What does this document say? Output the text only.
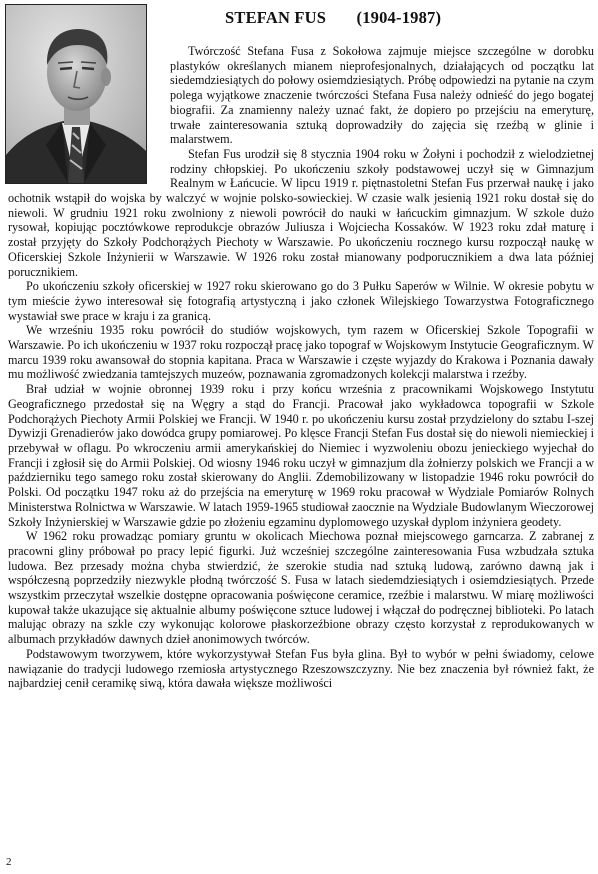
STEFAN FUS (1904-1987)

Twórczość Stefana Fusa z Sokołowa zajmuje miejsce szczególne w dorobku plastyków określanych mianem nieprofesjonalnych, działających od początku lat siedemdziesiątych do połowy osiemdziesiątych. Próbę odpowiedzi na pytanie na czym polega wyjątkowe znaczenie twórczości Stefana Fusa należy odnieść do jego bogatej biografii. Za znamienny należy uznać fakt, że dopiero po przejściu na emeryturę, trwałe zainteresowania sztuką doprowadziły do zajęcia się rzeźbą w glinie i malarstwem.

Stefan Fus urodził się 8 stycznia 1904 roku w Żołyni i pochodził z wielodzietnej rodziny chłopskiej. Po ukończeniu szkoły podstawowej uczył się w Gimnazjum Realnym w Łańcucie. W lipcu 1919 r. piętnastoletni Stefan Fus przerwał naukę i jako ochotnik wstąpił do wojska by walczyć w wojnie polsko-sowieckiej. W czasie walk jesienią 1921 roku dostał się do niewoli. W grudniu 1921 roku zwolniony z niewoli powrócił do nauki w łańcuckim gimnazjum. W szkole dużo rysował, kopiując pocztówkowe reprodukcje obrazów Juliusza i Wojciecha Kossaków. W 1923 roku zdał maturę i został przyjęty do Szkoły Podchorążych Piechoty w Warszawie. Po ukończeniu rocznego kursu rozpoczął naukę w Oficerskiej Szkole Inżynierii w Warszawie. W 1926 roku został mianowany podporucznikiem a dwa lata później porucznikiem.

Po ukończeniu szkoły oficerskiej w 1927 roku skierowano go do 3 Pułku Saperów w Wilnie. W okresie pobytu w tym mieście żywo interesował się fotografią artystyczną i jako członek Wilejskiego Towarzystwa Fotograficznego wystawiał swe prace w kraju i za granicą.

We wrześniu 1935 roku powrócił do studiów wojskowych, tym razem w Oficerskiej Szkole Topografii w Warszawie. Po ich ukończeniu w 1937 roku rozpoczął pracę jako topograf w Wojskowym Instytucie Geograficznym. W marcu 1939 roku awansował do stopnia kapitana. Praca w Warszawie i częste wyjazdy do Krakowa i Poznania dawały mu możliwość zwiedzania tamtejszych muzeów, poznawania zgromadzonych kolekcji malarstwa i rzeźby.

Brał udział w wojnie obronnej 1939 roku i przy końcu września z pracownikami Wojskowego Instytutu Geograficznego przedostał się na Węgry a stąd do Francji. Pracował jako wykładowca topografii w Szkole Podchorążych Piechoty Armii Polskiej we Francji. W 1940 r. po ukończeniu kursu został przydzielony do sztabu I-szej Dywizji Grenadierów jako dowódca grupy pomiarowej. Po klęsce Francji Stefan Fus dostał się do niewoli niemieckiej i przebywał w oflagu. Po wkroczeniu armii amerykańskiej do Niemiec i wyzwoleniu obozu jenieckiego wyjechał do Francji i zgłosił się do Armii Polskiej. Od wiosny 1946 roku uczył w gimnazjum dla żołnierzy polskich we Francji a w październiku tego samego roku został skierowany do Anglii. Zdemobilizowany w listopadzie 1946 roku powrócił do Polski. Od początku 1947 roku aż do przejścia na emeryturę w 1969 roku pracował w Wydziale Pomiarów Rolnych Ministerstwa Rolnictwa w Warszawie. W latach 1959-1965 studiował zaocznie na Wydziale Budowlanym Wieczorowej Szkoły Inżynierskiej w Warszawie gdzie po złożeniu egzaminu dyplomowego uzyskał dyplom inżyniera geodety.

W 1962 roku prowadząc pomiary gruntu w okolicach Miechowa poznał miejscowego garncarza. Z zabranej z pracowni gliny próbował po pracy lepić figurki. Już wcześniej szczególne zainteresowania Fusa wzbudzała sztuka ludowa. Bez przesady można chyba stwierdzić, że szerokie studia nad sztuką ludową, zarówno dawną jak i współczesną poprzedziły niezwykle płodną twórczość S. Fusa w latach siedemdziesiątych i osiemdziesiątych. Przede wszystkim przeczytał wszelkie dostępne opracowania poświęcone ceramice, rzeźbie i malarstwu. W miarę możliwości kupował także ukazujące się aktualnie albumy poświęcone sztuce ludowej i włączał do podręcznej biblioteki. Po latach malując obrazy na szkle czy wykonując kolorowe płaskorzeźbione obrazy często korzystał z reprodukowanych w albumach przykładów dawnych dzieł anonimowych twórców.

Podstawowym tworzywem, które wykorzystywał Stefan Fus była glina. Był to wybór w pełni świadomy, celowe nawiązanie do tradycji ludowego rzemiosła artystycznego Rzeszowszczyzny. Nie bez znaczenia był również fakt, że najbardziej cenił ceramikę siwą, która dawała większe możliwości

2
